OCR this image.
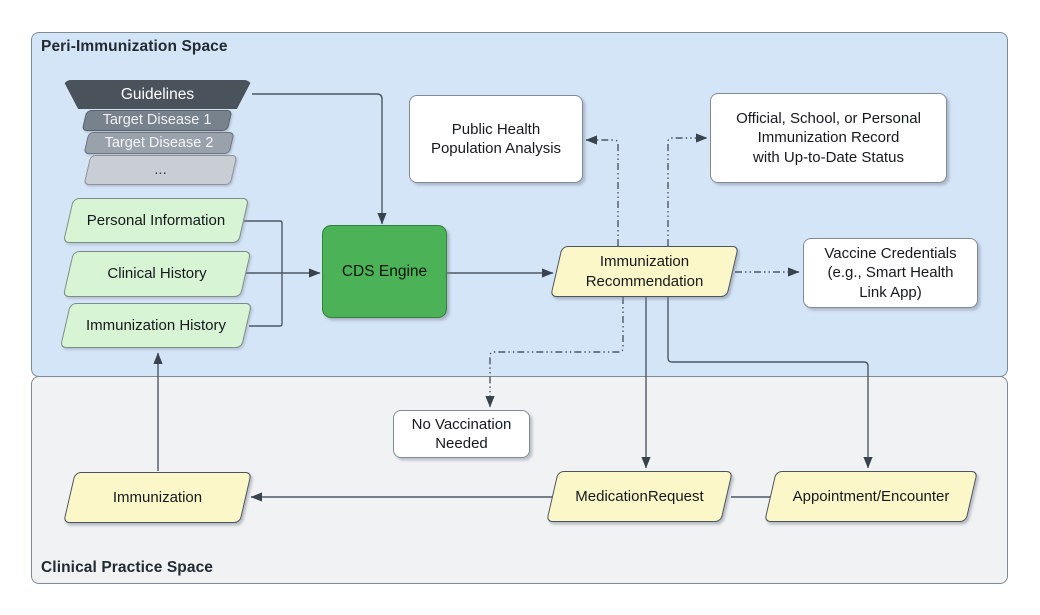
Peri-Immunization Space
Clinical Practice Space
Guidelines
Target Disease 1
Target Disease 2
...
Personal Information
Clinical History
Immunization History
CDS Engine
Public Health
Population Analysis
Official, School, or Personal
Immunization Record
with Up-to-Date Status
Vaccine Credentials
(e.g., Smart Health
Link App)
No Vaccination
Needed
Immunization
Recommendation
Immunization	MedicationRequest	Appointment/Encounter
